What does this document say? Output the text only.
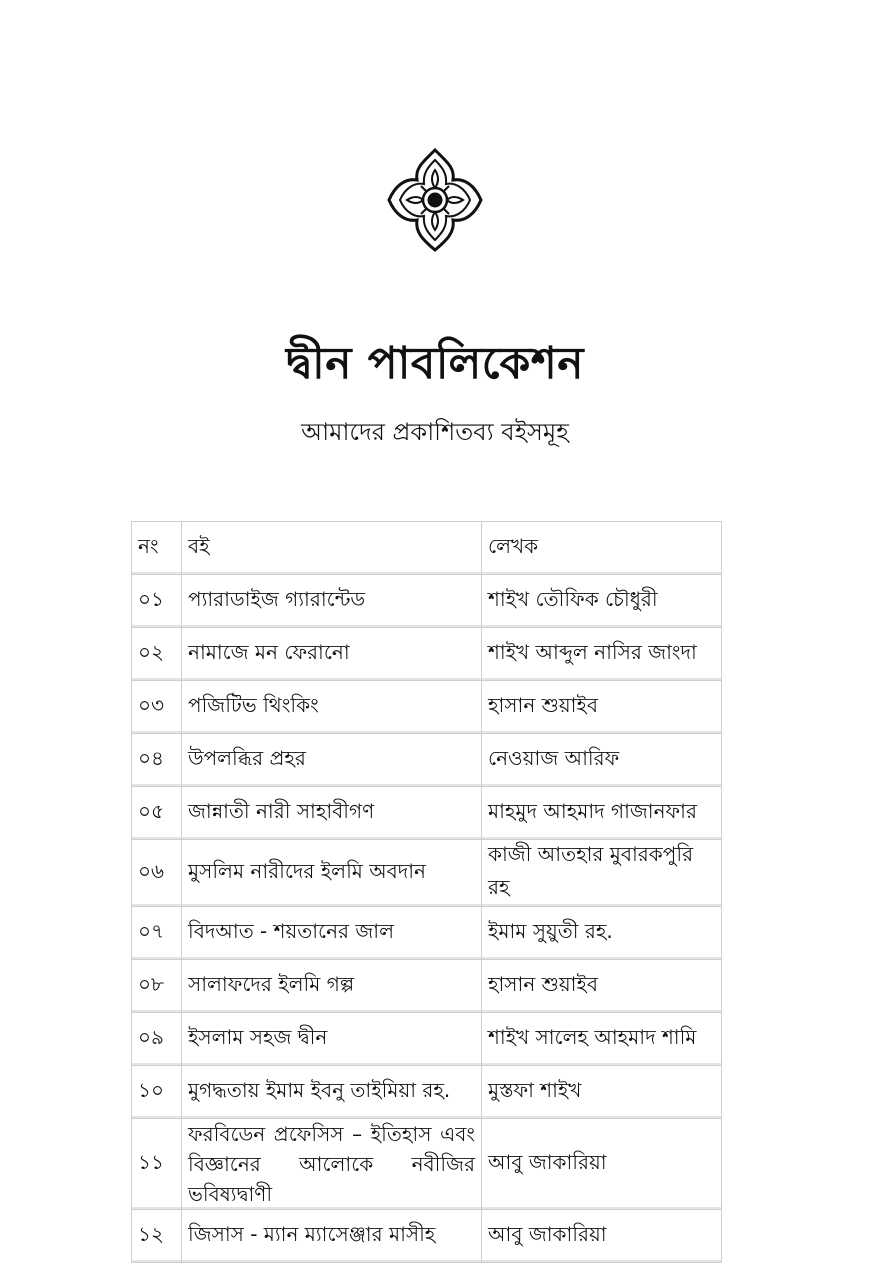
দ্বীন পাবলিকেশন
আমাদের প্রকাশিতব্য বইসমূহ
নং	বই	লেখক
০১	প্যারাডাইজ গ্যারান্টেড	শাইখ তৌফিক চৌধুরী
০২	নামাজে মন ফেরানো	শাইখ আব্দুল নাসির জাংদা
০৩	পজিটিভ থিংকিং	হাসান শুয়াইব
০৪	উপলব্ধির প্রহর	নেওয়াজ আরিফ
০৫	জান্নাতী নারী সাহাবীগণ	মাহমুদ আহমাদ গাজানফার
০৬	মুসলিম নারীদের ইলমি অবদান	কাজী আতহার মুবারকপুরি রহ
০৭	বিদআত - শয়তানের জাল	ইমাম সুয়ুতী রহ.
০৮	সালাফদের ইলমি গল্প	হাসান শুয়াইব
০৯	ইসলাম সহজ দ্বীন	শাইখ সালেহ আহমাদ শামি
১০	মুগদ্ধতায় ইমাম ইবনু তাইমিয়া রহ.	মুস্তফা শাইখ
১১	ফরবিডেন প্রফেসিস – ইতিহাস এবং বিজ্ঞানের আলোকে নবীজির ভবিষ্যদ্বাণী	আবু জাকারিয়া
১২	জিসাস - ম্যান ম্যাসেঞ্জার মাসীহ	আবু জাকারিয়া
